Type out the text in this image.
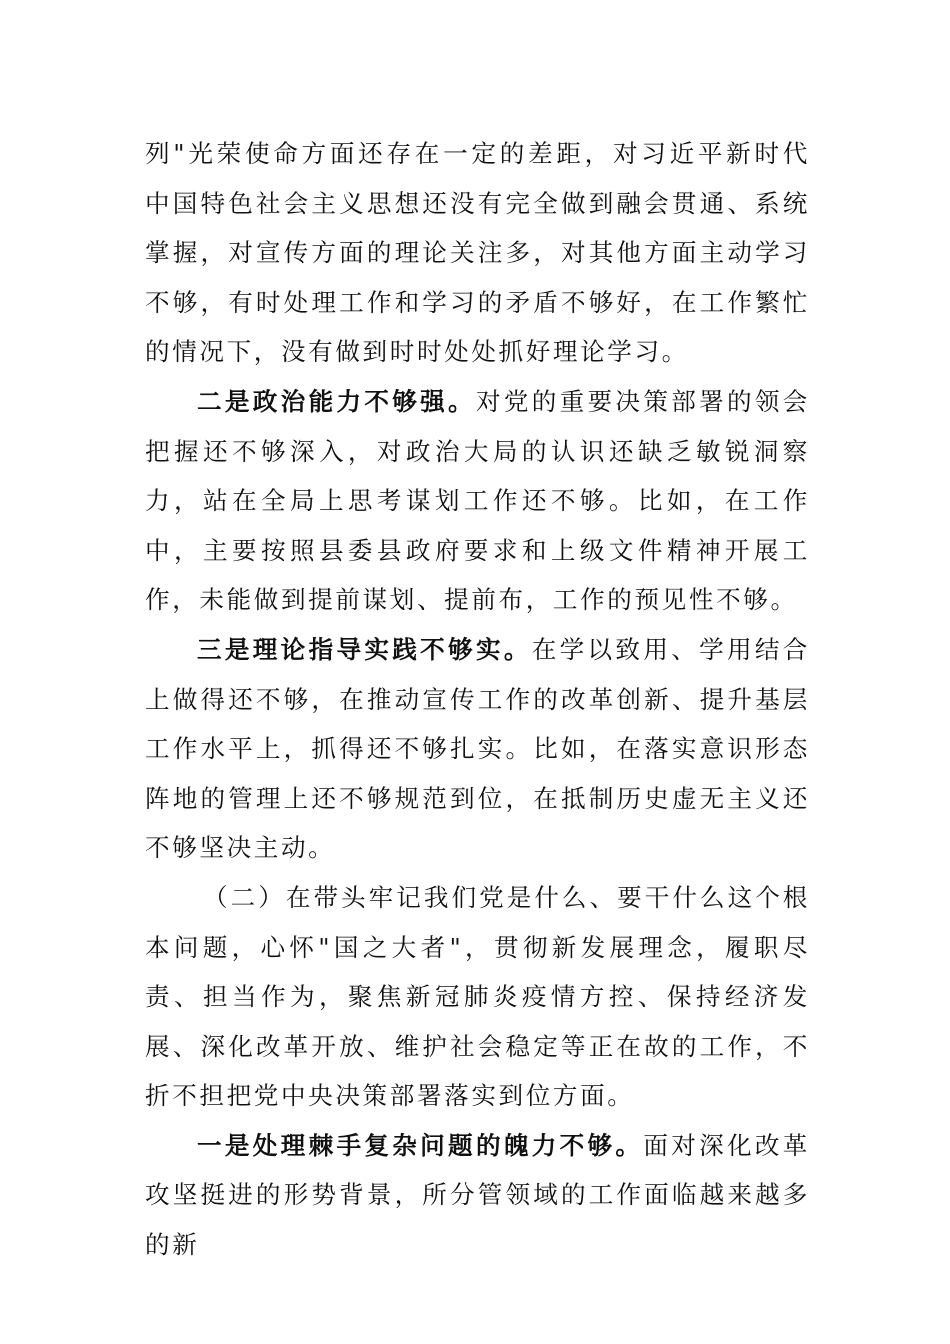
列"光荣使命方面还存在一定的差距，对习近平新时代中国特色社会主义思想还没有完全做到融会贯通、系统掌握，对宣传方面的理论关注多，对其他方面主动学习不够，有时处理工作和学习的矛盾不够好，在工作繁忙的情况下，没有做到时时处处抓好理论学习。

二是政治能力不够强。对党的重要决策部署的领会把握还不够深入，对政治大局的认识还缺乏敏锐洞察力，站在全局上思考谋划工作还不够。比如，在工作中，主要按照县委县政府要求和上级文件精神开展工作，未能做到提前谋划、提前布，工作的预见性不够。

三是理论指导实践不够实。在学以致用、学用结合上做得还不够，在推动宣传工作的改革创新、提升基层工作水平上，抓得还不够扎实。比如，在落实意识形态阵地的管理上还不够规范到位，在抵制历史虚无主义还不够坚决主动。

（二）在带头牢记我们党是什么、要干什么这个根本问题，心怀"国之大者"，贯彻新发展理念，履职尽责、担当作为，聚焦新冠肺炎疫情方控、保持经济发展、深化改革开放、维护社会稳定等正在故的工作，不折不担把党中央决策部署落实到位方面。

一是处理棘手复杂问题的魄力不够。面对深化改革攻坚挺进的形势背景，所分管领域的工作面临越来越多的新
